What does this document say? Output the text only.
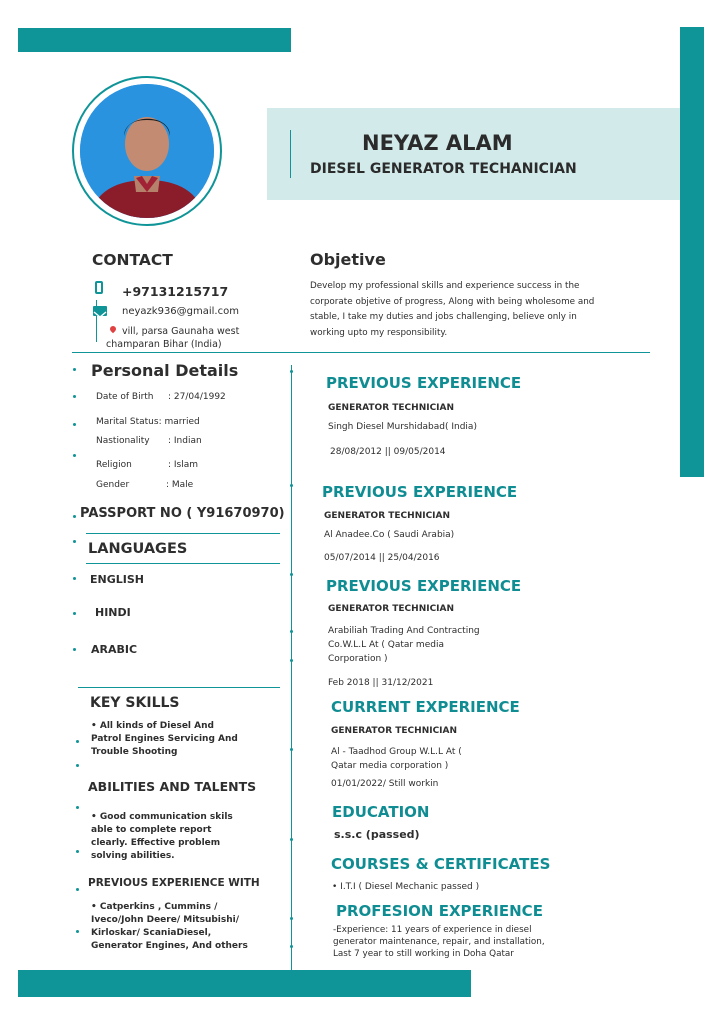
NEYAZ ALAM
DIESEL GENERATOR TECHANICIAN
CONTACT
+97131215717
neyazk936@gmail.com
vill, parsa Gaunaha west
champaran Bihar (India)
Objetive
Develop my professional skills and experience success in the
corporate objetive of progress, Along with being wholesome and
stable, I take my duties and jobs challenging, believe only in
working upto my responsibility.
Personal Details
Date of Birth : 27/04/1992
Marital Status: married
Nastionality : Indian
Religion	: Islam
Gender	: Male
PASSPORT NO ( Y91670970)
LANGUAGES
ENGLISH
HINDI
ARABIC
KEY SKILLS
• All kinds of Diesel And
Patrol Engines Servicing And
Trouble Shooting
ABILITIES AND TALENTS
• Good communication skils
able to complete report
clearly. Effective problem
solving abilities.
PREVIOUS EXPERIENCE WITH
• Catperkins , Cummins /
Iveco/John Deere/ Mitsubishi/
Kirloskar/ ScaniaDiesel,
Generator Engines, And others
PREVIOUS EXPERIENCE
GENERATOR TECHNICIAN
Singh Diesel Murshidabad( India)
28/08/2012 || 09/05/2014
PREVIOUS EXPERIENCE
GENERATOR TECHNICIAN
Al Anadee.Co ( Saudi Arabia)
05/07/2014 || 25/04/2016
PREVIOUS EXPERIENCE
GENERATOR TECHNICIAN
Arabiliah Trading And Contracting
Co.W.L.L At ( Qatar media
Corporation )
Feb 2018 || 31/12/2021
CURRENT EXPERIENCE
GENERATOR TECHNICIAN
Al - Taadhod Group W.L.L At (
Qatar media corporation )
01/01/2022/ Still workin
EDUCATION
s.s.c (passed)
COURSES & CERTIFICATES
• I.T.I ( Diesel Mechanic passed )
PROFESION EXPERIENCE
-Experience: 11 years of experience in diesel
generator maintenance, repair, and installation,
Last 7 year to still working in Doha Qatar
